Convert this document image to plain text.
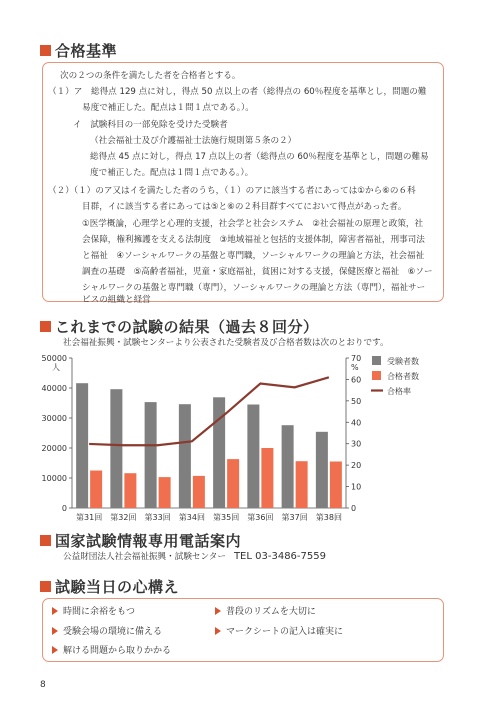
合格基準
次の２つの条件を満たした者を合格者とする。
（１）ア　総得点 129 点に対し，得点 50 点以上の者（総得点の 60％程度を基準とし，問題の難
易度で補正した。配点は１問１点である。）。
イ　試験科目の一部免除を受けた受験者
（社会福祉士及び介護福祉士法施行規則第５条の２）
総得点 45 点に対し，得点 17 点以上の者（総得点の 60％程度を基準とし，問題の難易
度で補正した。配点は１問１点である。）。
（２）（１）のア又はイを満たした者のうち，（１）のアに該当する者にあっては①から⑥の６科
目群，イに該当する者にあっては⑤と⑥の２科目群すべてにおいて得点があった者。
①医学概論，心理学と心理的支援，社会学と社会システム　②社会福祉の原理と政策，社
会保障，権利擁護を支える法制度　③地域福祉と包括的支援体制，障害者福祉，刑事司法
と福祉　④ソーシャルワークの基盤と専門職，ソーシャルワークの理論と方法，社会福祉
調査の基礎　⑤高齢者福祉，児童・家庭福祉，貧困に対する支援，保健医療と福祉　⑥ソー
シャルワークの基盤と専門職（専門），ソーシャルワークの理論と方法（専門），福祉サー
ビスの組織と経営
これまでの試験の結果（過去８回分）
社会福祉振興・試験センターより公表された受験者及び合格者数は次のとおりです。
0
10000
20000
30000
40000
50000
人
0
10
20
30
40
50
60
70
%
第31回 第32回 第33回 第34回 第35回 第36回 第37回 第38回
受験者数
合格者数
合格率
国家試験情報専用電話案内
公益財団法人社会福祉振興・試験センター TEL 03-3486-7559
試験当日の心構え
時間に余裕をもつ	普段のリズムを大切に
受験会場の環境に備える	マークシートの記入は確実に
解ける問題から取りかかる
8
